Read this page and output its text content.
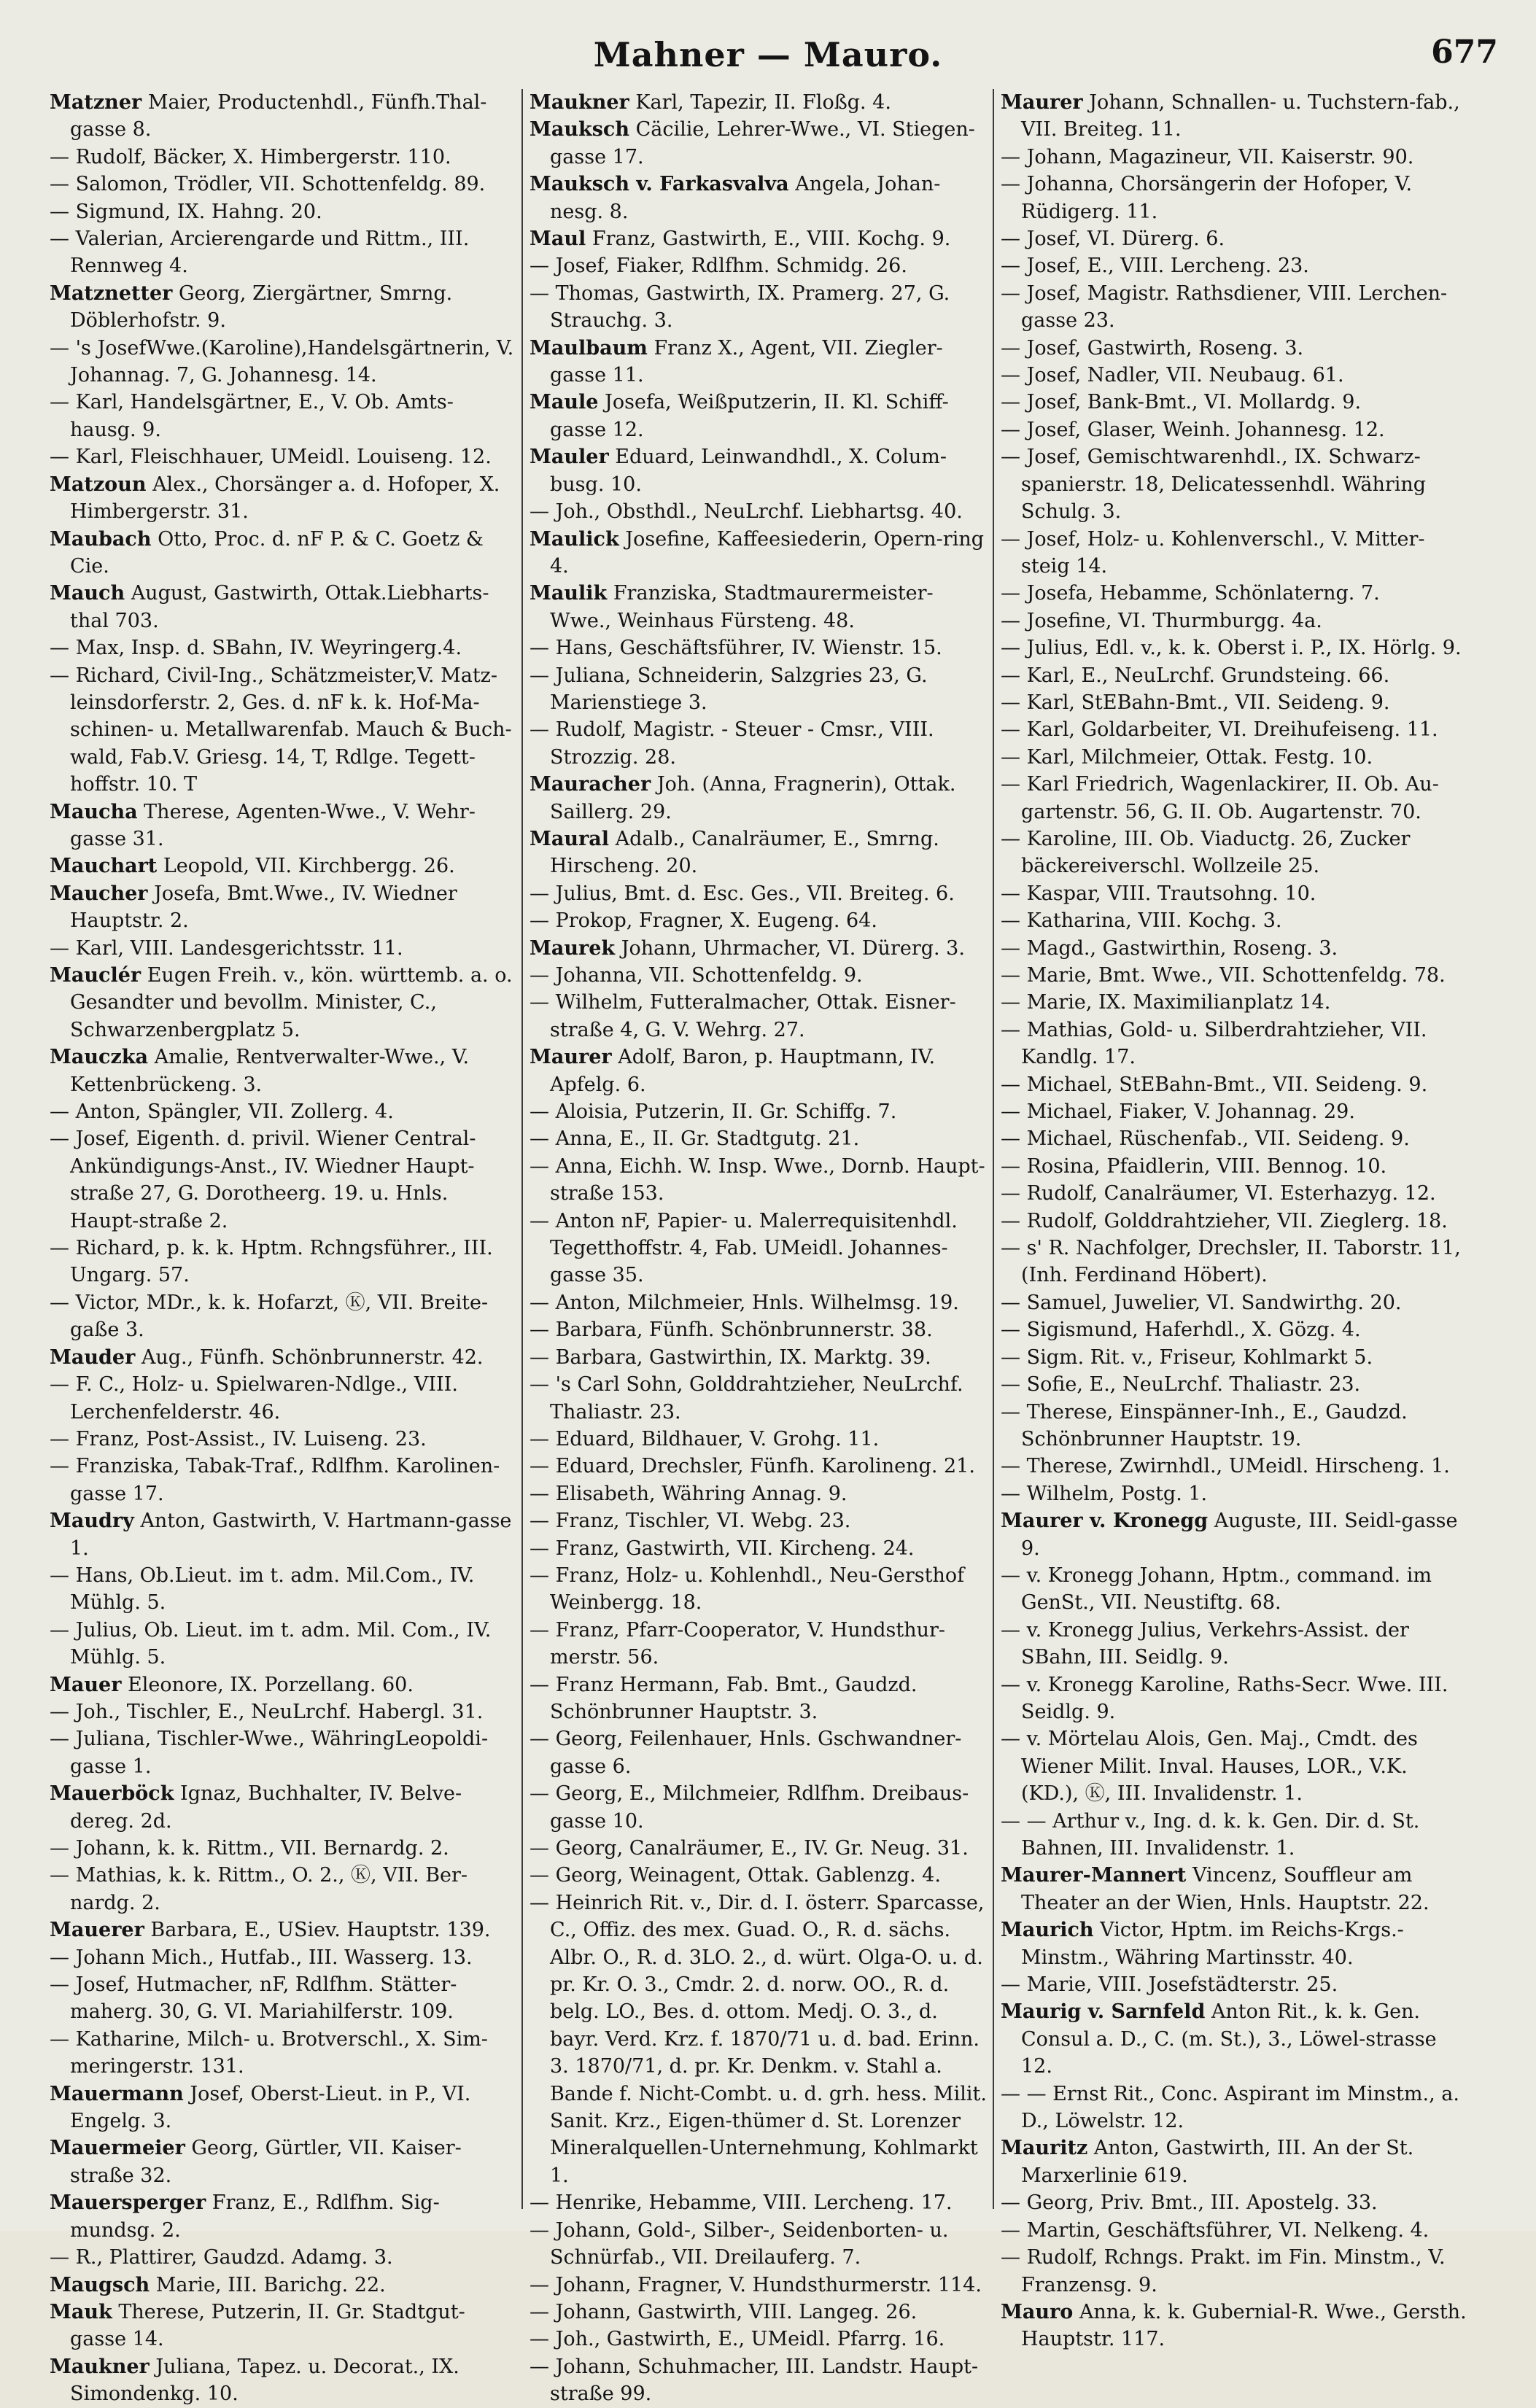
Mahner — Mauro.	677

Matzner Maier, Productenhdl., Fünfh.Thal-gasse 8.

— Rudolf, Bäcker, X. Himbergerstr. 110.

— Salomon, Trödler, VII. Schottenfeldg. 89.

— Sigmund, IX. Hahng. 20.

— Valerian, Arcierengarde und Rittm., III. Rennweg 4.

Matznetter Georg, Ziergärtner, Smrng. Döblerhofstr. 9.

— 's JosefWwe.(Karoline),Handelsgärtnerin, V. Johannag. 7, G. Johannesg. 14.

— Karl, Handelsgärtner, E., V. Ob. Amts-hausg. 9.

— Karl, Fleischhauer, UMeidl. Louiseng. 12.

Matzoun Alex., Chorsänger a. d. Hofoper, X. Himbergerstr. 31.

Maubach Otto, Proc. d. nF P. & C. Goetz & Cie.

Mauch August, Gastwirth, Ottak.Liebharts-thal 703.

— Max, Insp. d. SBahn, IV. Weyringerg.4.

— Richard, Civil-Ing., Schätzmeister,V. Matz-leinsdorferstr. 2, Ges. d. nF k. k. Hof-Ma-schinen- u. Metallwarenfab. Mauch & Buch-wald, Fab.V. Griesg. 14, T, Rdlge. Tegett-hoffstr. 10. T

Maucha Therese, Agenten-Wwe., V. Wehr-gasse 31.

Mauchart Leopold, VII. Kirchbergg. 26.

Maucher Josefa, Bmt.Wwe., IV. Wiedner Hauptstr. 2.

— Karl, VIII. Landesgerichtsstr. 11.

Mauclér Eugen Freih. v., kön. württemb. a. o. Gesandter und bevollm. Minister, C., Schwarzenbergplatz 5.

Mauczka Amalie, Rentverwalter-Wwe., V. Kettenbrückeng. 3.

— Anton, Spängler, VII. Zollerg. 4.

— Josef, Eigenth. d. privil. Wiener Central-Ankündigungs-Anst., IV. Wiedner Haupt-straße 27, G. Dorotheerg. 19. u. Hnls. Haupt-straße 2.

— Richard, p. k. k. Hptm. Rchngsführer., III. Ungarg. 57.

— Victor, MDr., k. k. Hofarzt, Ⓚ, VII. Breite-gaße 3.

Mauder Aug., Fünfh. Schönbrunnerstr. 42.

— F. C., Holz- u. Spielwaren-Ndlge., VIII. Lerchenfelderstr. 46.

— Franz, Post-Assist., IV. Luiseng. 23.

— Franziska, Tabak-Traf., Rdlfhm. Karolinen-gasse 17.

Maudry Anton, Gastwirth, V. Hartmann-gasse 1.

— Hans, Ob.Lieut. im t. adm. Mil.Com., IV. Mühlg. 5.

— Julius, Ob. Lieut. im t. adm. Mil. Com., IV. Mühlg. 5.

Mauer Eleonore, IX. Porzellang. 60.

— Joh., Tischler, E., NeuLrchf. Habergl. 31.

— Juliana, Tischler-Wwe., WähringLeopoldi-gasse 1.

Mauerböck Ignaz, Buchhalter, IV. Belve-dereg. 2d.

— Johann, k. k. Rittm., VII. Bernardg. 2.

— Mathias, k. k. Rittm., O. 2., Ⓚ, VII. Ber-nardg. 2.

Mauerer Barbara, E., USiev. Hauptstr. 139.

— Johann Mich., Hutfab., III. Wasserg. 13.

— Josef, Hutmacher, nF, Rdlfhm. Stätter-maherg. 30, G. VI. Mariahilferstr. 109.

— Katharine, Milch- u. Brotverschl., X. Sim-meringerstr. 131.

Mauermann Josef, Oberst-Lieut. in P., VI. Engelg. 3.

Mauermeier Georg, Gürtler, VII. Kaiser-straße 32.

Mauersperger Franz, E., Rdlfhm. Sig-mundsg. 2.

— R., Plattirer, Gaudzd. Adamg. 3.

Maugsch Marie, III. Barichg. 22.

Mauk Therese, Putzerin, II. Gr. Stadtgut-gasse 14.

Maukner Juliana, Tapez. u. Decorat., IX. Simondenkg. 10.

Maukner Karl, Tapezir, II. Floßg. 4.

Mauksch Cäcilie, Lehrer-Wwe., VI. Stiegen-gasse 17.

Mauksch v. Farkasvalva Angela, Johan-nesg. 8.

Maul Franz, Gastwirth, E., VIII. Kochg. 9.

— Josef, Fiaker, Rdlfhm. Schmidg. 26.

— Thomas, Gastwirth, IX. Pramerg. 27, G. Strauchg. 3.

Maulbaum Franz X., Agent, VII. Ziegler-gasse 11.

Maule Josefa, Weißputzerin, II. Kl. Schiff-gasse 12.

Mauler Eduard, Leinwandhdl., X. Colum-busg. 10.

— Joh., Obsthdl., NeuLrchf. Liebhartsg. 40.

Maulick Josefine, Kaffeesiederin, Opern-ring 4.

Maulik Franziska, Stadtmaurermeister-Wwe., Weinhaus Fürsteng. 48.

— Hans, Geschäftsführer, IV. Wienstr. 15.

— Juliana, Schneiderin, Salzgries 23, G. Marienstiege 3.

— Rudolf, Magistr. - Steuer - Cmsr., VIII. Strozzig. 28.

Mauracher Joh. (Anna, Fragnerin), Ottak. Saillerg. 29.

Maural Adalb., Canalräumer, E., Smrng. Hirscheng. 20.

— Julius, Bmt. d. Esc. Ges., VII. Breiteg. 6.

— Prokop, Fragner, X. Eugeng. 64.

Maurek Johann, Uhrmacher, VI. Dürerg. 3.

— Johanna, VII. Schottenfeldg. 9.

— Wilhelm, Futteralmacher, Ottak. Eisner-straße 4, G. V. Wehrg. 27.

Maurer Adolf, Baron, p. Hauptmann, IV. Apfelg. 6.

— Aloisia, Putzerin, II. Gr. Schiffg. 7.

— Anna, E., II. Gr. Stadtgutg. 21.

— Anna, Eichh. W. Insp. Wwe., Dornb. Haupt-straße 153.

— Anton nF, Papier- u. Malerrequisitenhdl. Tegetthoffstr. 4, Fab. UMeidl. Johannes-gasse 35.

— Anton, Milchmeier, Hnls. Wilhelmsg. 19.

— Barbara, Fünfh. Schönbrunnerstr. 38.

— Barbara, Gastwirthin, IX. Marktg. 39.

— 's Carl Sohn, Golddrahtzieher, NeuLrchf. Thaliastr. 23.

— Eduard, Bildhauer, V. Grohg. 11.

— Eduard, Drechsler, Fünfh. Karolineng. 21.

— Elisabeth, Währing Annag. 9.

— Franz, Tischler, VI. Webg. 23.

— Franz, Gastwirth, VII. Kircheng. 24.

— Franz, Holz- u. Kohlenhdl., Neu-Gersthof Weinbergg. 18.

— Franz, Pfarr-Cooperator, V. Hundsthur-merstr. 56.

— Franz Hermann, Fab. Bmt., Gaudzd. Schönbrunner Hauptstr. 3.

— Georg, Feilenhauer, Hnls. Gschwandner-gasse 6.

— Georg, E., Milchmeier, Rdlfhm. Dreibaus-gasse 10.

— Georg, Canalräumer, E., IV. Gr. Neug. 31.

— Georg, Weinagent, Ottak. Gablenzg. 4.

— Heinrich Rit. v., Dir. d. I. österr. Sparcasse, C., Offiz. des mex. Guad. O., R. d. sächs. Albr. O., R. d. 3LO. 2., d. würt. Olga-O. u. d. pr. Kr. O. 3., Cmdr. 2. d. norw. OO., R. d. belg. LO., Bes. d. ottom. Medj. O. 3., d. bayr. Verd. Krz. f. 1870/71 u. d. bad. Erinn. 3. 1870/71, d. pr. Kr. Denkm. v. Stahl a. Bande f. Nicht-Combt. u. d. grh. hess. Milit. Sanit. Krz., Eigen-thümer d. St. Lorenzer Mineralquellen-Unternehmung, Kohlmarkt 1.

— Henrike, Hebamme, VIII. Lercheng. 17.

— Johann, Gold-, Silber-, Seidenborten- u. Schnürfab., VII. Dreilauferg. 7.

— Johann, Fragner, V. Hundsthurmerstr. 114.

— Johann, Gastwirth, VIII. Langeg. 26.

— Joh., Gastwirth, E., UMeidl. Pfarrg. 16.

— Johann, Schuhmacher, III. Landstr. Haupt-straße 99.

Maurer Johann, Schnallen- u. Tuchstern-fab., VII. Breiteg. 11.

— Johann, Magazineur, VII. Kaiserstr. 90.

— Johanna, Chorsängerin der Hofoper, V. Rüdigerg. 11.

— Josef, VI. Dürerg. 6.

— Josef, E., VIII. Lercheng. 23.

— Josef, Magistr. Rathsdiener, VIII. Lerchen-gasse 23.

— Josef, Gastwirth, Roseng. 3.

— Josef, Nadler, VII. Neubaug. 61.

— Josef, Bank-Bmt., VI. Mollardg. 9.

— Josef, Glaser, Weinh. Johannesg. 12.

— Josef, Gemischtwarenhdl., IX. Schwarz-spanierstr. 18, Delicatessenhdl. Währing Schulg. 3.

— Josef, Holz- u. Kohlenverschl., V. Mitter-steig 14.

— Josefa, Hebamme, Schönlaterng. 7.

— Josefine, VI. Thurmburgg. 4a.

— Julius, Edl. v., k. k. Oberst i. P., IX. Hörlg. 9.

— Karl, E., NeuLrchf. Grundsteing. 66.

— Karl, StEBahn-Bmt., VII. Seideng. 9.

— Karl, Goldarbeiter, VI. Dreihufeiseng. 11.

— Karl, Milchmeier, Ottak. Festg. 10.

— Karl Friedrich, Wagenlackirer, II. Ob. Au-gartenstr. 56, G. II. Ob. Augartenstr. 70.

— Karoline, III. Ob. Viaductg. 26, Zucker bäckereiverschl. Wollzeile 25.

— Kaspar, VIII. Trautsohng. 10.

— Katharina, VIII. Kochg. 3.

— Magd., Gastwirthin, Roseng. 3.

— Marie, Bmt. Wwe., VII. Schottenfeldg. 78.

— Marie, IX. Maximilianplatz 14.

— Mathias, Gold- u. Silberdrahtzieher, VII. Kandlg. 17.

— Michael, StEBahn-Bmt., VII. Seideng. 9.

— Michael, Fiaker, V. Johannag. 29.

— Michael, Rüschenfab., VII. Seideng. 9.

— Rosina, Pfaidlerin, VIII. Bennog. 10.

— Rudolf, Canalräumer, VI. Esterhazyg. 12.

— Rudolf, Golddrahtzieher, VII. Zieglerg. 18.

— s' R. Nachfolger, Drechsler, II. Taborstr. 11, (Inh. Ferdinand Höbert).

— Samuel, Juwelier, VI. Sandwirthg. 20.

— Sigismund, Haferhdl., X. Gözg. 4.

— Sigm. Rit. v., Friseur, Kohlmarkt 5.

— Sofie, E., NeuLrchf. Thaliastr. 23.

— Therese, Einspänner-Inh., E., Gaudzd. Schönbrunner Hauptstr. 19.

— Therese, Zwirnhdl., UMeidl. Hirscheng. 1.

— Wilhelm, Postg. 1.

Maurer v. Kronegg Auguste, III. Seidl-gasse 9.

— v. Kronegg Johann, Hptm., command. im GenSt., VII. Neustiftg. 68.

— v. Kronegg Julius, Verkehrs-Assist. der SBahn, III. Seidlg. 9.

— v. Kronegg Karoline, Raths-Secr. Wwe. III. Seidlg. 9.

— v. Mörtelau Alois, Gen. Maj., Cmdt. des Wiener Milit. Inval. Hauses, LOR., V.K. (KD.), Ⓚ, III. Invalidenstr. 1.

— — Arthur v., Ing. d. k. k. Gen. Dir. d. St. Bahnen, III. Invalidenstr. 1.

Maurer-Mannert Vincenz, Souffleur am Theater an der Wien, Hnls. Hauptstr. 22.

Maurich Victor, Hptm. im Reichs-Krgs.-Minstm., Währing Martinsstr. 40.

— Marie, VIII. Josefstädterstr. 25.

Maurig v. Sarnfeld Anton Rit., k. k. Gen. Consul a. D., C. (m. St.), 3., Löwel-strasse 12.

— — Ernst Rit., Conc. Aspirant im Minstm., a. D., Löwelstr. 12.

Mauritz Anton, Gastwirth, III. An der St. Marxerlinie 619.

— Georg, Priv. Bmt., III. Apostelg. 33.

— Martin, Geschäftsführer, VI. Nelkeng. 4.

— Rudolf, Rchngs. Prakt. im Fin. Minstm., V. Franzensg. 9.

Mauro Anna, k. k. Gubernial-R. Wwe., Gersth. Hauptstr. 117.
